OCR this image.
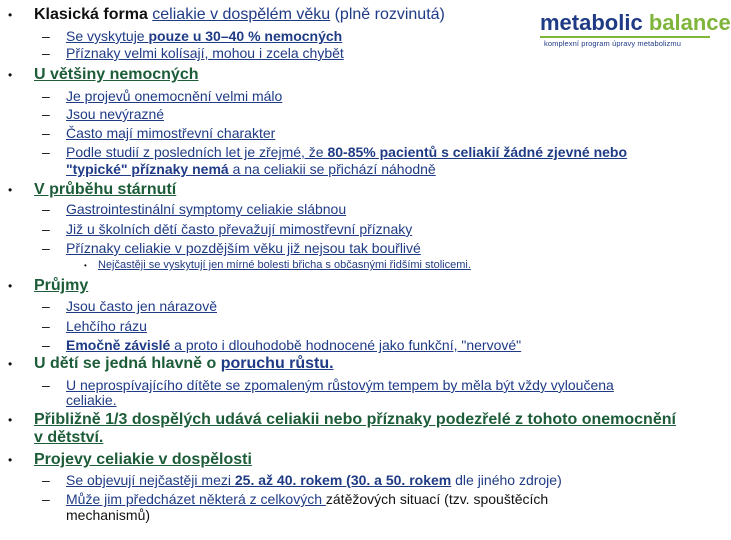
metabolic balance
komplexní program úpravy metabolizmu
• Klasická forma celiakie v dospělém věku (plně rozvinutá)
– Se vyskytuje pouze u 30–40 % nemocných
– Příznaky velmi kolísají, mohou i zcela chybět
• U většiny nemocných
– Je projevů onemocnění velmi málo
– Jsou nevýrazné
– Často mají mimostřevní charakter
– Podle studií z posledních let je zřejmé, že 80-85% pacientů s celiakií žádné zjevné nebo
"typické" příznaky nemá a na celiakii se přichází náhodně
• V průběhu stárnutí
– Gastrointestinální symptomy celiakie slábnou
– Již u školních dětí často převažují mimostřevní příznaky
– Příznaky celiakie v pozdějším věku již nejsou tak bouřlivé
• Nejčastěji se vyskytují jen mírné bolesti břicha s občasnými řidšími stolicemi.
• Průjmy
– Jsou často jen nárazově
– Lehčího rázu
– Emočně závislé a proto i dlouhodobě hodnocené jako funkční, "nervové"
• U dětí se jedná hlavně o poruchu růstu.
– U neprospívajícího dítěte se zpomaleným růstovým tempem by měla být vždy vyloučena
celiakie.
• Přibližně 1/3 dospělých udává celiakii nebo příznaky podezřelé z tohoto onemocnění
v dětství.
• Projevy celiakie v dospělosti
– Se objevují nejčastěji mezi 25. až 40. rokem (30. a 50. rokem dle jiného zdroje)
– Může jim předcházet některá z celkových zátěžových situací (tzv. spouštěcích
mechanismů)
